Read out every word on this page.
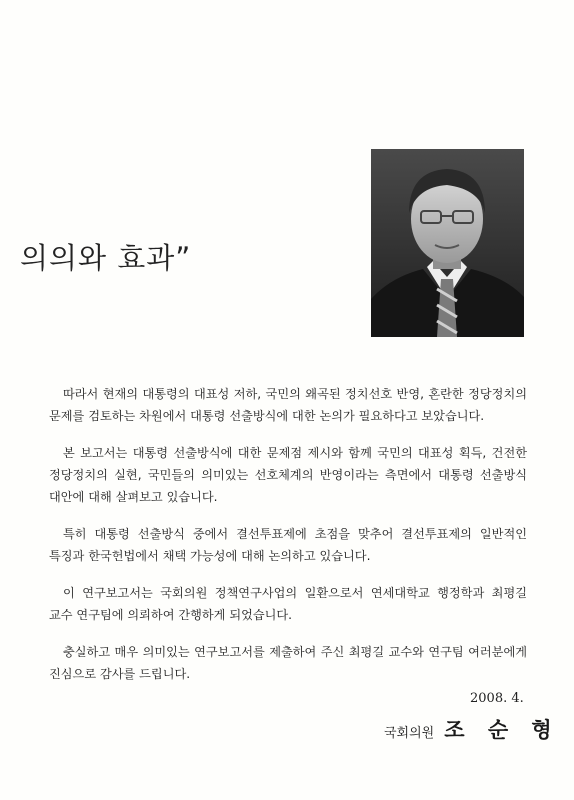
의의와 효과”

따라서 현재의 대통령의 대표성 저하, 국민의 왜곡된 정치선호 반영, 혼란한 정당정치의 문제를 검토하는 차원에서 대통령 선출방식에 대한 논의가 필요하다고 보았습니다.

본 보고서는 대통령 선출방식에 대한 문제점 제시와 함께 국민의 대표성 획득, 건전한 정당정치의 실현, 국민들의 의미있는 선호체계의 반영이라는 측면에서 대통령 선출방식 대안에 대해 살펴보고 있습니다.

특히 대통령 선출방식 중에서 결선투표제에 초점을 맞추어 결선투표제의 일반적인 특징과 한국헌법에서 채택 가능성에 대해 논의하고 있습니다.

이 연구보고서는 국회의원 정책연구사업의 일환으로서 연세대학교 행정학과 최평길 교수 연구팀에 의뢰하여 간행하게 되었습니다.

충실하고 매우 의미있는 연구보고서를 제출하여 주신 최평길 교수와 연구팀 여러분에게 진심으로 감사를 드립니다.

2008. 4.
국회의원 조 순 형
